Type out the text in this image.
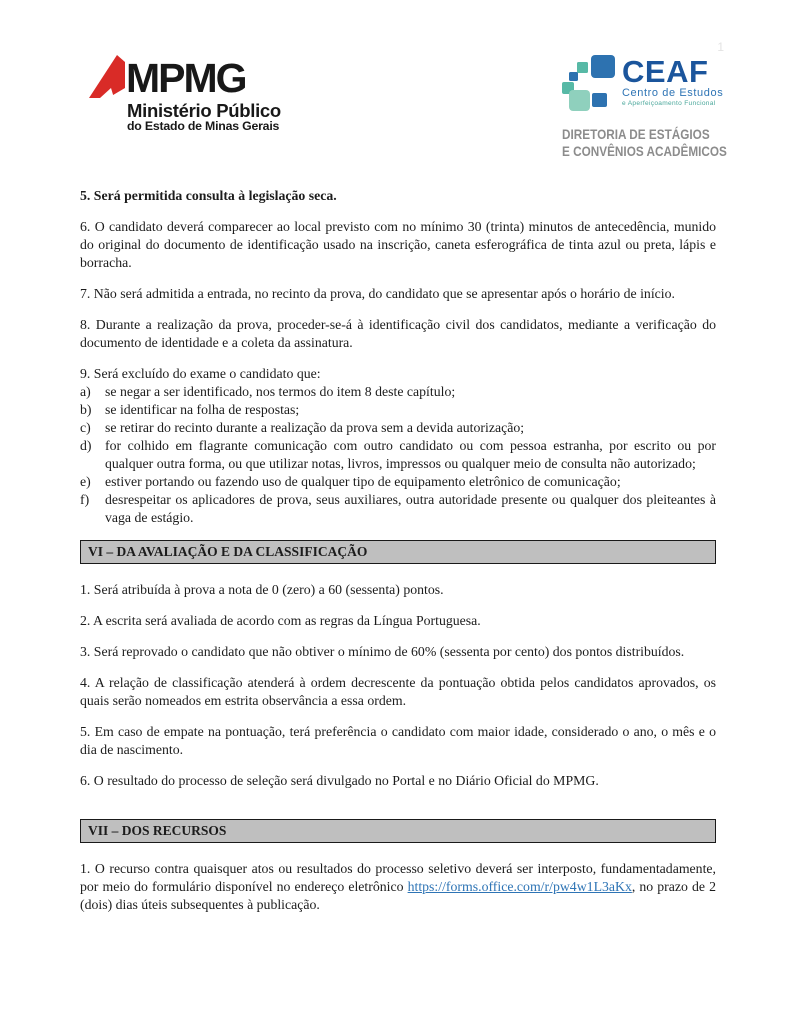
MPMG
Ministério Público
do Estado de Minas Gerais
CEAF
Centro de Estudos
e Aperfeiçoamento Funcional
DIRETORIA DE ESTÁGIOS
E CONVÊNIOS ACADÊMICOS
1

5. Será permitida consulta à legislação seca.

6. O candidato deverá comparecer ao local previsto com no mínimo 30 (trinta) minutos de antecedência, munido do original do documento de identificação usado na inscrição, caneta esferográfica de tinta azul ou preta, lápis e borracha.

7. Não será admitida a entrada, no recinto da prova, do candidato que se apresentar após o horário de início.

8. Durante a realização da prova, proceder-se-á à identificação civil dos candidatos, mediante a verificação do documento de identidade e a coleta da assinatura.

9. Será excluído do exame o candidato que:

a) se negar a ser identificado, nos termos do item 8 deste capítulo;
b) se identificar na folha de respostas;
c) se retirar do recinto durante a realização da prova sem a devida autorização;
d) for colhido em flagrante comunicação com outro candidato ou com pessoa estranha, por escrito ou por qualquer outra forma, ou que utilizar notas, livros, impressos ou qualquer meio de consulta não autorizado;
e) estiver portando ou fazendo uso de qualquer tipo de equipamento eletrônico de comunicação;
f) desrespeitar os aplicadores de prova, seus auxiliares, outra autoridade presente ou qualquer dos pleiteantes à vaga de estágio.
VI – DA AVALIAÇÃO E DA CLASSIFICAÇÃO

1. Será atribuída à prova a nota de 0 (zero) a 60 (sessenta) pontos.

2. A escrita será avaliada de acordo com as regras da Língua Portuguesa.

3. Será reprovado o candidato que não obtiver o mínimo de 60% (sessenta por cento) dos pontos distribuídos.

4. A relação de classificação atenderá à ordem decrescente da pontuação obtida pelos candidatos aprovados, os quais serão nomeados em estrita observância a essa ordem.

5. Em caso de empate na pontuação, terá preferência o candidato com maior idade, considerado o ano, o mês e o dia de nascimento.

6. O resultado do processo de seleção será divulgado no Portal e no Diário Oficial do MPMG.

VII – DOS RECURSOS

1. O recurso contra quaisquer atos ou resultados do processo seletivo deverá ser interposto, fundamentadamente, por meio do formulário disponível no endereço eletrônico https://forms.office.com/r/pw4w1L3aKx, no prazo de 2 (dois) dias úteis subsequentes à publicação.
